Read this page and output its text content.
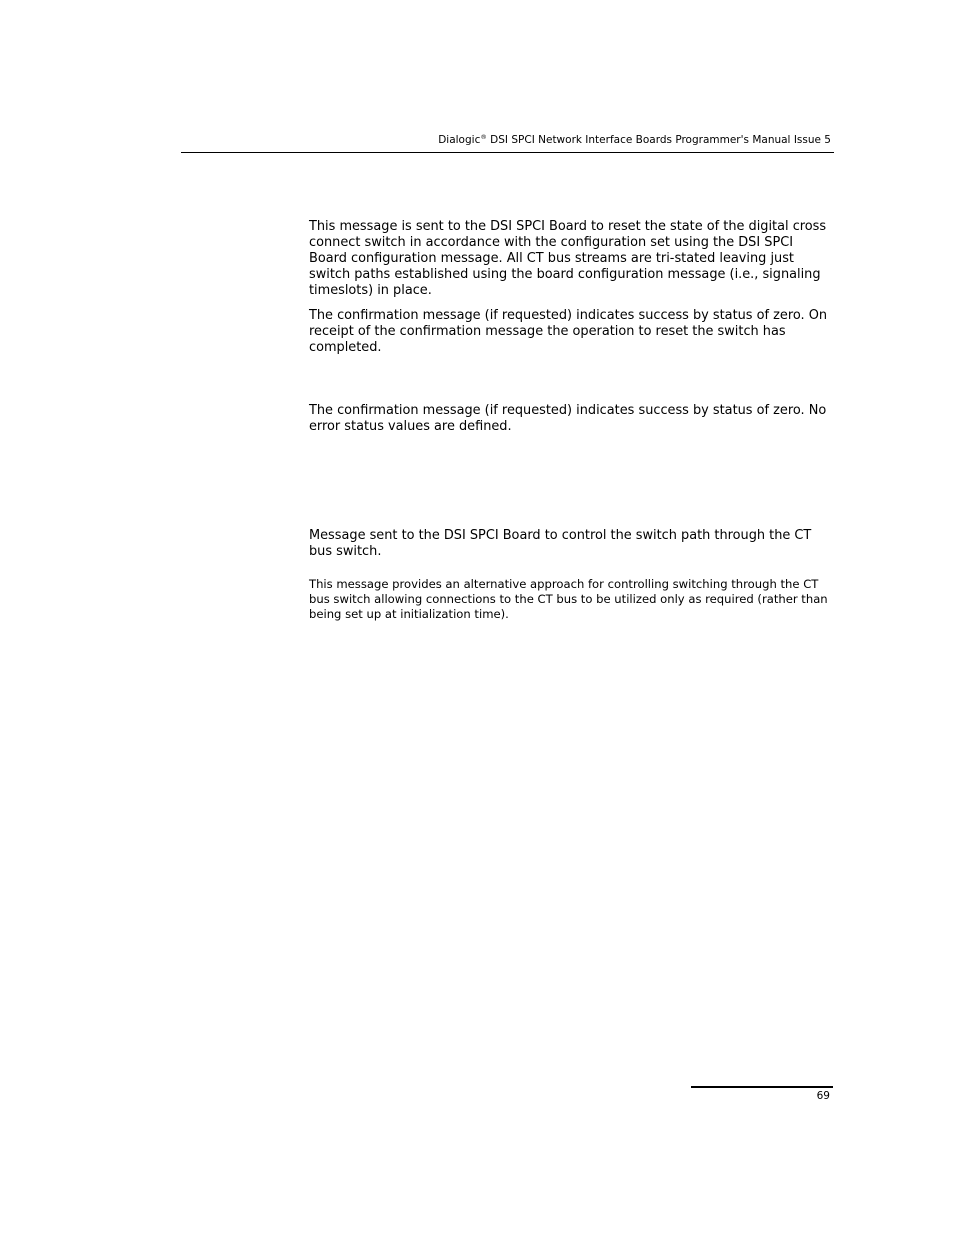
Dialogic® DSI SPCI Network Interface Boards Programmer's Manual Issue 5

This message is sent to the DSI SPCI Board to reset the state of the digital cross connect switch in accordance with the configuration set using the DSI SPCI Board configuration message. All CT bus streams are tri-stated leaving just switch paths established using the board configuration message (i.e., signaling timeslots) in place.

The confirmation message (if requested) indicates success by status of zero. On receipt of the confirmation message the operation to reset the switch has completed.

The confirmation message (if requested) indicates success by status of zero. No error status values are defined.

Message sent to the DSI SPCI Board to control the switch path through the CT bus switch.

This message provides an alternative approach for controlling switching through the CT bus switch allowing connections to the CT bus to be utilized only as required (rather than being set up at initialization time).

69
